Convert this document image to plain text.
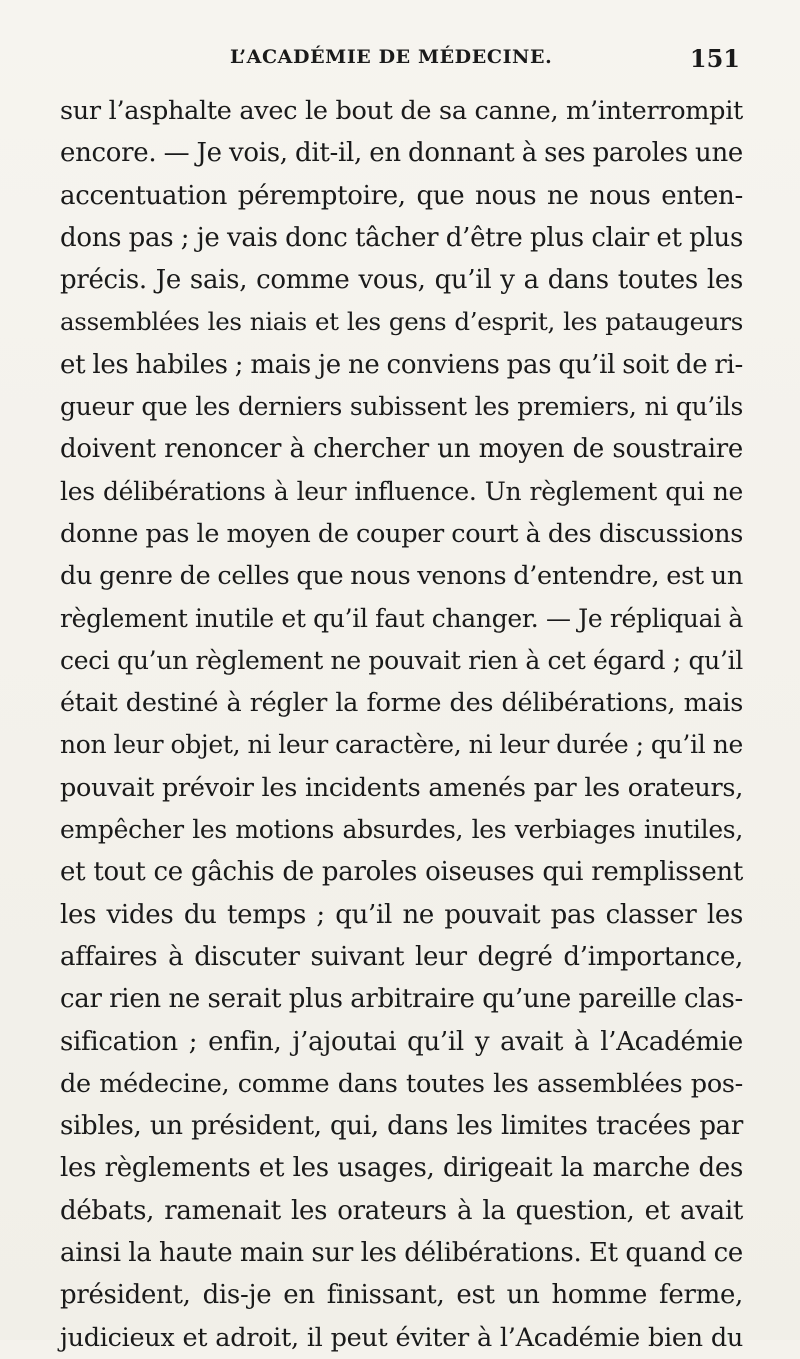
L’ACADÉMIE DE MÉDECINE.	151
sur l’asphalte avec le bout de sa canne, m’interrompit
encore. — Je vois, dit-il, en donnant à ses paroles une
accentuation péremptoire, que nous ne nous enten-
dons pas ; je vais donc tâcher d’être plus clair et plus
précis. Je sais, comme vous, qu’il y a dans toutes les
assemblées les niais et les gens d’esprit, les pataugeurs
et les habiles ; mais je ne conviens pas qu’il soit de ri-
gueur que les derniers subissent les premiers, ni qu’ils
doivent renoncer à chercher un moyen de soustraire
les délibérations à leur influence. Un règlement qui ne
donne pas le moyen de couper court à des discussions
du genre de celles que nous venons d’entendre, est un
règlement inutile et qu’il faut changer. — Je répliquai à
ceci qu’un règlement ne pouvait rien à cet égard ; qu’il
était destiné à régler la forme des délibérations, mais
non leur objet, ni leur caractère, ni leur durée ; qu’il ne
pouvait prévoir les incidents amenés par les orateurs,
empêcher les motions absurdes, les verbiages inutiles,
et tout ce gâchis de paroles oiseuses qui remplissent
les vides du temps ; qu’il ne pouvait pas classer les
affaires à discuter suivant leur degré d’importance,
car rien ne serait plus arbitraire qu’une pareille clas-
sification ; enfin, j’ajoutai qu’il y avait à l’Académie
de médecine, comme dans toutes les assemblées pos-
sibles, un président, qui, dans les limites tracées par
les règlements et les usages, dirigeait la marche des
débats, ramenait les orateurs à la question, et avait
ainsi la haute main sur les délibérations. Et quand ce
président, dis-je en finissant, est un homme ferme,
judicieux et adroit, il peut éviter à l’Académie bien du
